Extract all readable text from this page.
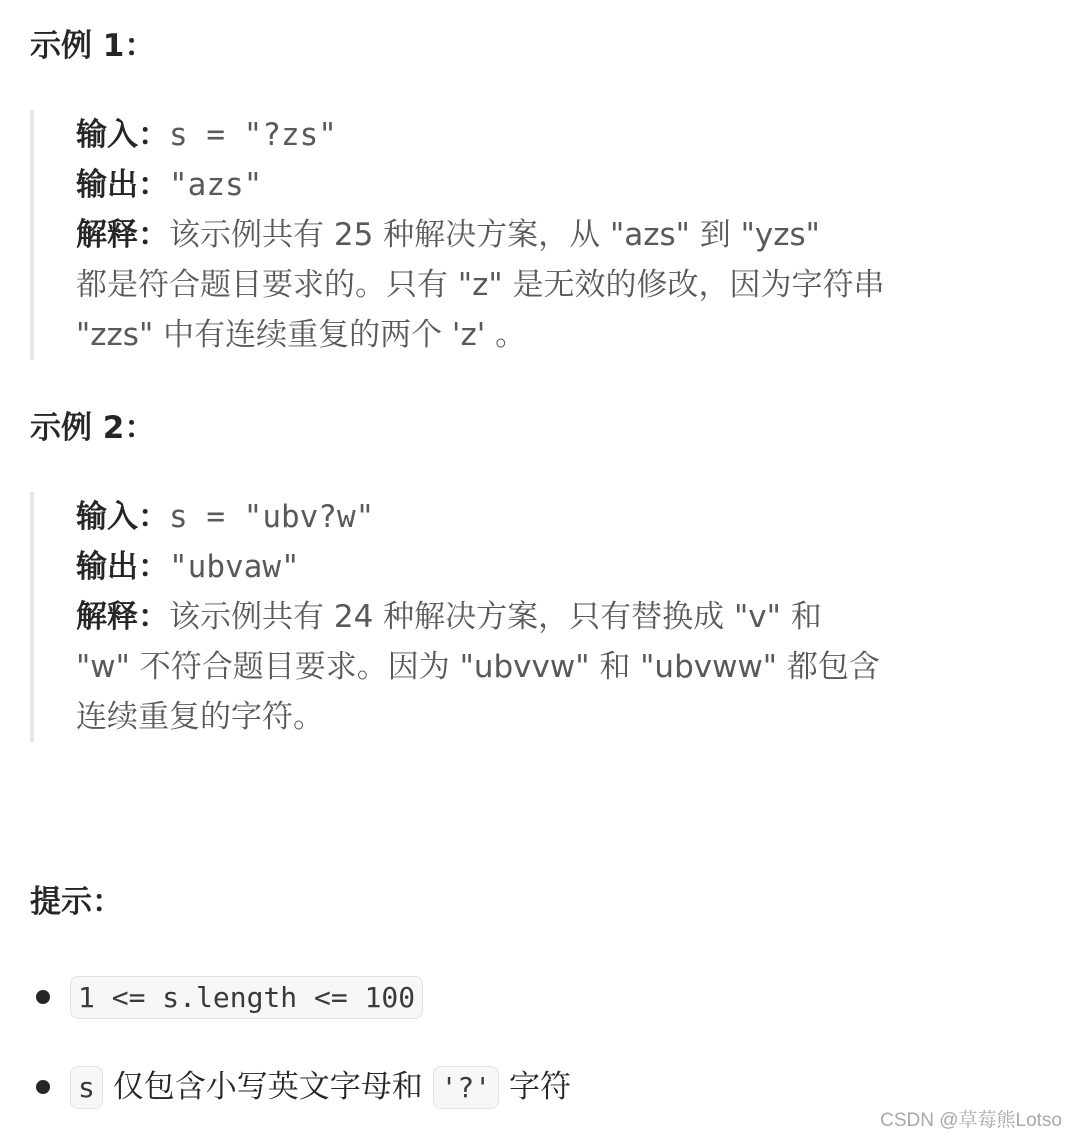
示例 1：
输入：s = "?zs"
输出："azs"
解释：该示例共有 25 种解决方案，从 "azs" 到 "yzs"
都是符合题目要求的。只有 "z" 是无效的修改，因为字符串
"zzs" 中有连续重复的两个 'z' 。
示例 2：
输入：s = "ubv?w"
输出："ubvaw"
解释：该示例共有 24 种解决方案，只有替换成 "v" 和
"w" 不符合题目要求。因为 "ubvvw" 和 "ubvww" 都包含
连续重复的字符。
提示：
1 <= s.length <= 100
s 仅包含小写英文字母和 '?' 字符
CSDN @草莓熊Lotso
